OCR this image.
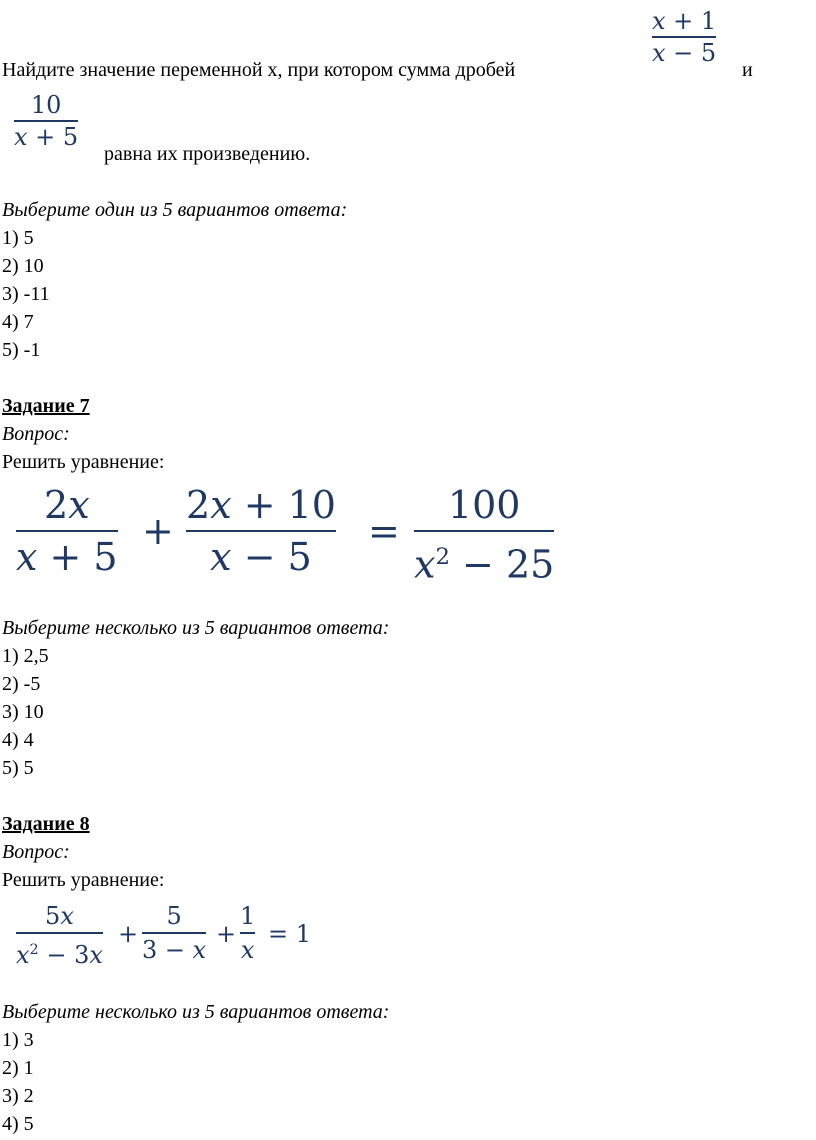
Найдите значение переменной x, при котором сумма дробей
x + 1
x − 5
и
10
x + 5
равна их произведению.
Выберите один из 5 вариантов ответа:
1) 5
2) 10
3) -11
4) 7
5) -1
Задание 7
Вопрос:
Решить уравнение:
2x
x + 5
+
2x + 10
x − 5
=
100
$x^2 - 25$
Выберите несколько из 5 вариантов ответа:
1) 2,5
2) -5
3) 10
4) 4
5) 5
Задание 8
Вопрос:
Решить уравнение:
5x
$x^2 - 3x$
+
5
3 − x
+
1
x
= 1
Выберите несколько из 5 вариантов ответа:
1) 3
2) 1
3) 2
4) 5
